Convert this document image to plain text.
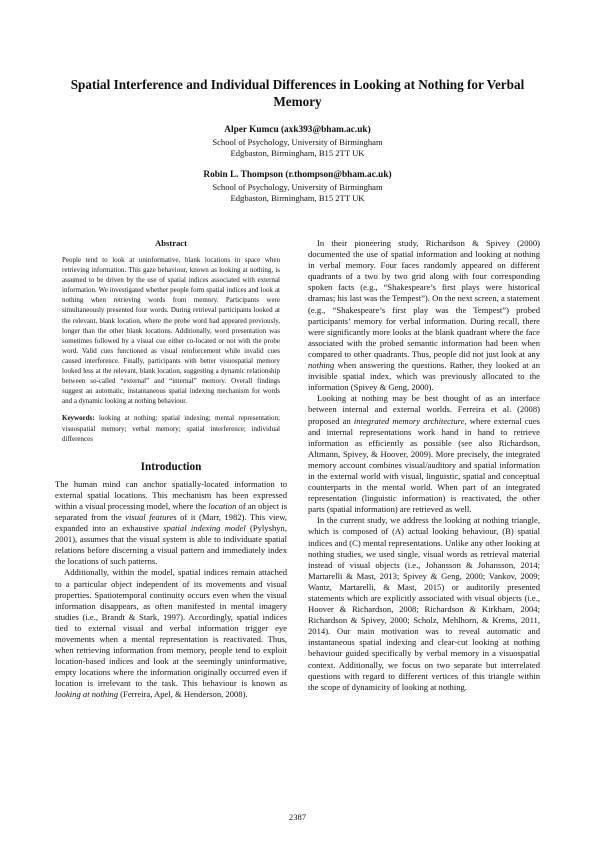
Spatial Interference and Individual Differences in Looking at Nothing for Verbal Memory
Alper Kumcu (axk393@bham.ac.uk)
School of Psychology, University of Birmingham
Edgbaston, Birmingham, B15 2TT UK
Robin L. Thompson (r.thompson@bham.ac.uk)
School of Psychology, University of Birmingham
Edgbaston, Birmingham, B15 2TT UK
Abstract

People tend to look at uninformative, blank locations in space when retrieving information. This gaze behaviour, known as looking at nothing, is assumed to be driven by the use of spatial indices associated with external information. We investigated whether people form spatial indices and look at nothing when retrieving words from memory. Participants were simultaneously presented four words. During retrieval participants looked at the relevant, blank location, where the probe word had appeared previously, longer than the other blank locations. Additionally, word presentation was sometimes followed by a visual cue either co-located or not with the probe word. Valid cues functioned as visual reinforcement while invalid cues caused interference. Finally, participants with better visuospatial memory looked less at the relevant, blank location, suggesting a dynamic relationship between so-called “external” and “internal” memory. Overall findings suggest an automatic, instantaneous spatial indexing mechanism for words and a dynamic looking at nothing behaviour.

Keywords: looking at nothing; spatial indexing; mental representation; visuospatial memory; verbal memory; spatial interference; individual differences

Introduction

The human mind can anchor spatially-located information to external spatial locations. This mechanism has been expressed within a visual processing model, where the location of an object is separated from the visual features of it (Marr, 1982). This view, expanded into an exhaustive spatial indexing model (Pylyshyn, 2001), assumes that the visual system is able to individuate spatial relations before discerning a visual pattern and immediately index the locations of such patterns.

Additionally, within the model, spatial indices remain attached to a particular object independent of its movements and visual properties. Spatiotemporal continuity occurs even when the visual information disappears, as often manifested in mental imagery studies (i.e., Brandt & Stark, 1997). Accordingly, spatial indices tied to external visual and verbal information trigger eye movements when a mental representation is reactivated. Thus, when retrieving information from memory, people tend to exploit location-based indices and look at the seemingly uninformative, empty locations where the information originally occurred even if location is irrelevant to the task. This behaviour is known as looking at nothing (Ferreira, Apel, & Henderson, 2008).

In their pioneering study, Richardson & Spivey (2000) documented the use of spatial information and looking at nothing in verbal memory. Four faces randomly appeared on different quadrants of a two by two grid along with four corresponding spoken facts (e.g., “Shakespeare’s first plays were historical dramas; his last was the Tempest”). On the next screen, a statement (e.g., “Shakespeare’s first play was the Tempest”) probed participants’ memory for verbal information. During recall, there were significantly more looks at the blank quadrant where the face associated with the probed semantic information had been when compared to other quadrants. Thus, people did not just look at any nothing when answering the questions. Rather, they looked at an invisible spatial index, which was previously allocated to the information (Spivey & Geng, 2000).

Looking at nothing may be best thought of as an interface between internal and external worlds. Ferreira et al. (2008) proposed an integrated memory architecture, where external cues and internal representations work hand in hand to retrieve information as efficiently as possible (see also Richardson, Altmann, Spivey, & Hoover, 2009). More precisely, the integrated memory account combines visual/auditory and spatial information in the external world with visual, linguistic, spatial and conceptual counterparts in the mental world. When part of an integrated representation (linguistic information) is reactivated, the other parts (spatial information) are retrieved as well.

In the current study, we address the looking at nothing triangle, which is composed of (A) actual looking behaviour, (B) spatial indices and (C) mental representations. Unlike any other looking at nothing studies, we used single, visual words as retrieval material instead of visual objects (i.e., Johansson & Johansson, 2014; Martarelli & Mast, 2013; Spivey & Geng, 2000; Vankov, 2009; Wantz, Martarelli, & Mast, 2015) or auditorily presented statements which are explicitly associated with visual objects (i.e., Hoover & Richardson, 2008; Richardson & Kirkham, 2004; Richardson & Spivey, 2000; Scholz, Mehlhorn, & Krems, 2011, 2014). Our main motivation was to reveal automatic and instantaneous spatial indexing and clear-cut looking at nothing behaviour guided specifically by verbal memory in a visuospatial context. Additionally, we focus on two separate but interrelated questions with regard to different vertices of this triangle within the scope of dynamicity of looking at nothing.

2387
